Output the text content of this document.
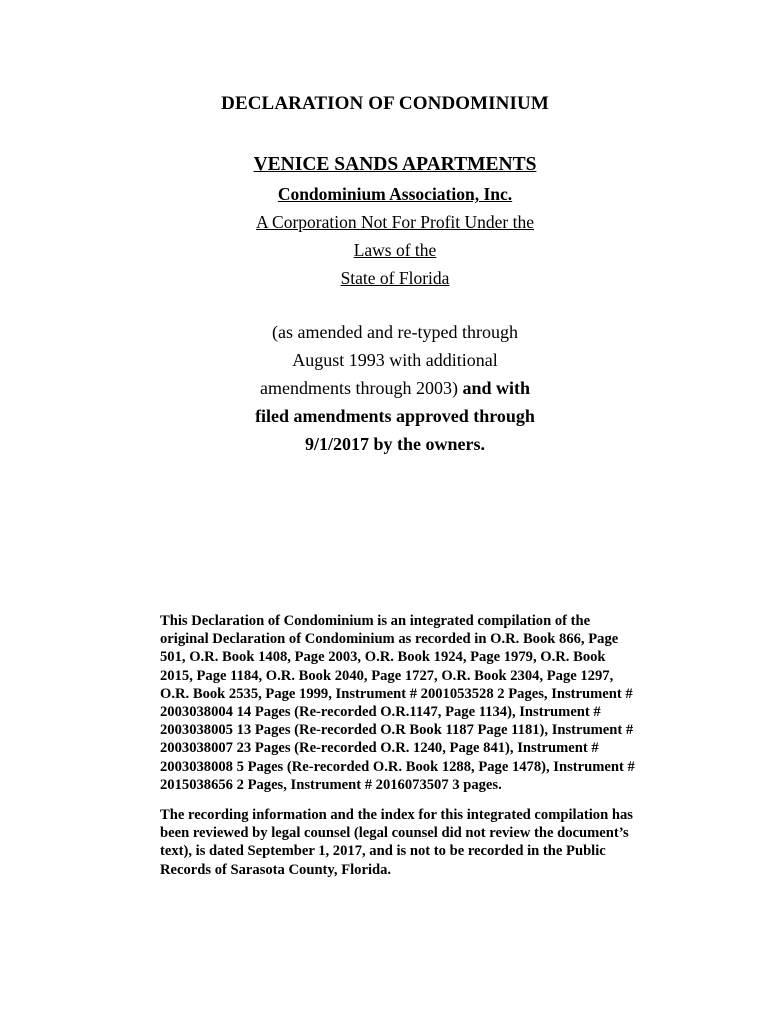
DECLARATION OF CONDOMINIUM
VENICE SANDS APARTMENTS
Condominium Association, Inc.
A Corporation Not For Profit Under the
Laws of the
State of Florida
(as amended and re-typed through
August 1993 with additional
amendments through 2003) and with
filed amendments approved through
9/1/2017 by the owners.

This Declaration of Condominium is an integrated compilation of the original Declaration of Condominium as recorded in O.R. Book 866, Page 501, O.R. Book 1408, Page 2003, O.R. Book 1924, Page 1979, O.R. Book 2015, Page 1184, O.R. Book 2040, Page 1727, O.R. Book 2304, Page 1297, O.R. Book 2535, Page 1999, Instrument # 2001053528 2 Pages, Instrument # 2003038004 14 Pages (Re-recorded O.R.1147, Page 1134), Instrument # 2003038005 13 Pages (Re-recorded O.R Book 1187 Page 1181), Instrument # 2003038007 23 Pages (Re-recorded O.R. 1240, Page 841), Instrument # 2003038008 5 Pages (Re-recorded O.R. Book 1288, Page 1478), Instrument # 2015038656 2 Pages, Instrument # 2016073507 3 pages.

The recording information and the index for this integrated compilation has been reviewed by legal counsel (legal counsel did not review the document’s text), is dated September 1, 2017, and is not to be recorded in the Public Records of Sarasota County, Florida.
